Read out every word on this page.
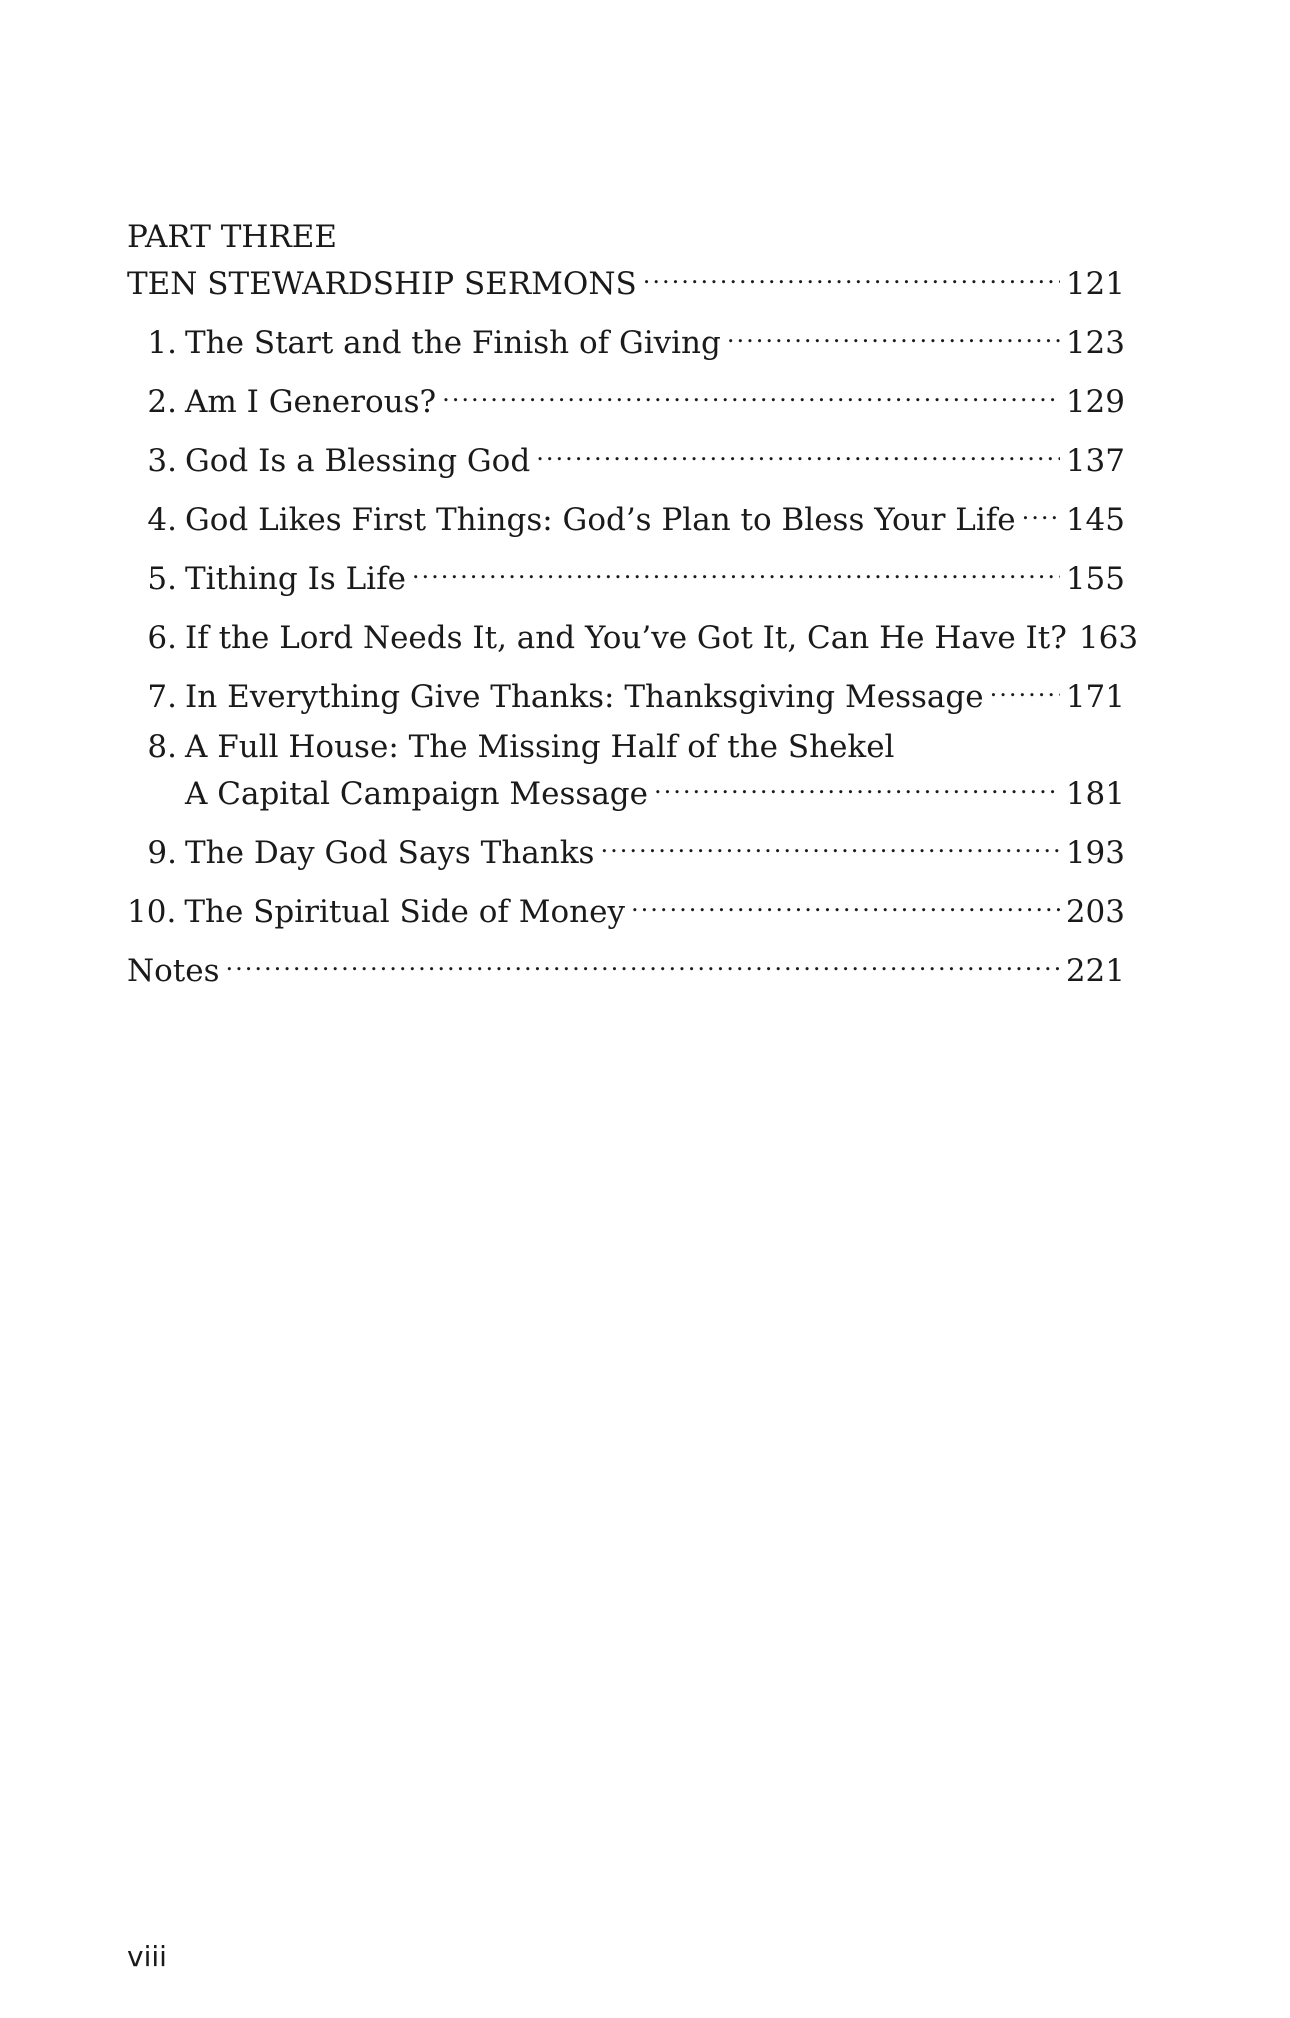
PART THREE
TEN STEWARDSHIP SERMONS .....	121
1. The Start and the Finish of Giving .....	123
2. Am I Generous? .....	129
3. God Is a Blessing God .....	137
4. God Likes First Things: God’s Plan to Bless Your Life ..... 145
5. Tithing Is Life .....	155
6. If the Lord Needs It, and You’ve Got It, Can He Have It? 163
7. In Everything Give Thanks: Thanksgiving Message .....	171
8. A Full House: The Missing Half of the Shekel
A Capital Campaign Message .....	181
9. The Day God Says Thanks .....	193
10. The Spiritual Side of Money .....	203
Notes .....	221
viii
